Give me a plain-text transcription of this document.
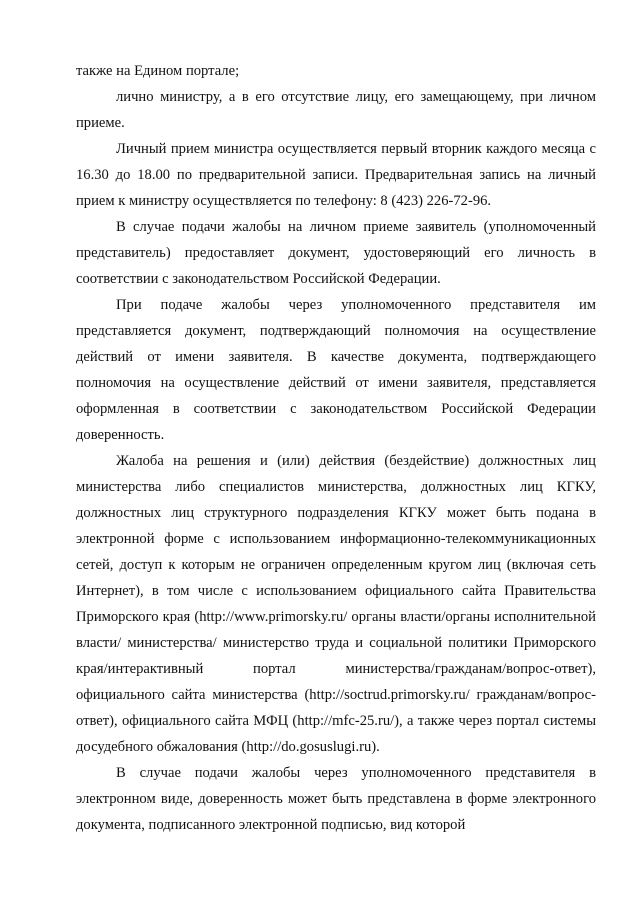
также на Едином портале;

лично министру, а в его отсутствие лицу, его замещающему, при личном приеме.

Личный прием министра осуществляется первый вторник каждого месяца с 16.30 до 18.00 по предварительной записи. Предварительная запись на личный прием к министру осуществляется по телефону: 8 (423) 226-72-96.

В случае подачи жалобы на личном приеме заявитель (уполномоченный представитель) предоставляет документ, удостоверяющий его личность в соответствии с законодательством Российской Федерации.

При подаче жалобы через уполномоченного представителя им представляется документ, подтверждающий полномочия на осуществление действий от имени заявителя. В качестве документа, подтверждающего полномочия на осуществление действий от имени заявителя, представляется оформленная в соответствии с законодательством Российской Федерации доверенность.

Жалоба на решения и (или) действия (бездействие) должностных лиц министерства либо специалистов министерства, должностных лиц КГКУ, должностных лиц структурного подразделения КГКУ может быть подана в электронной форме с использованием информационно-телекоммуникационных сетей, доступ к которым не ограничен определенным кругом лиц (включая сеть Интернет), в том числе с использованием официального сайта Правительства Приморского края (http://www.primorsky.ru/ органы власти/органы исполнительной власти/ министерства/ министерство труда и социальной политики Приморского края/интерактивный портал министерства/гражданам/вопрос-ответ), официального сайта министерства (http://soctrud.primorsky.ru/ гражданам/вопрос-ответ), официального сайта МФЦ (http://mfc-25.ru/), а также через портал системы досудебного обжалования (http://do.gosuslugi.ru).

В случае подачи жалобы через уполномоченного представителя в электронном виде, доверенность может быть представлена в форме электронного документа, подписанного электронной подписью, вид которой
